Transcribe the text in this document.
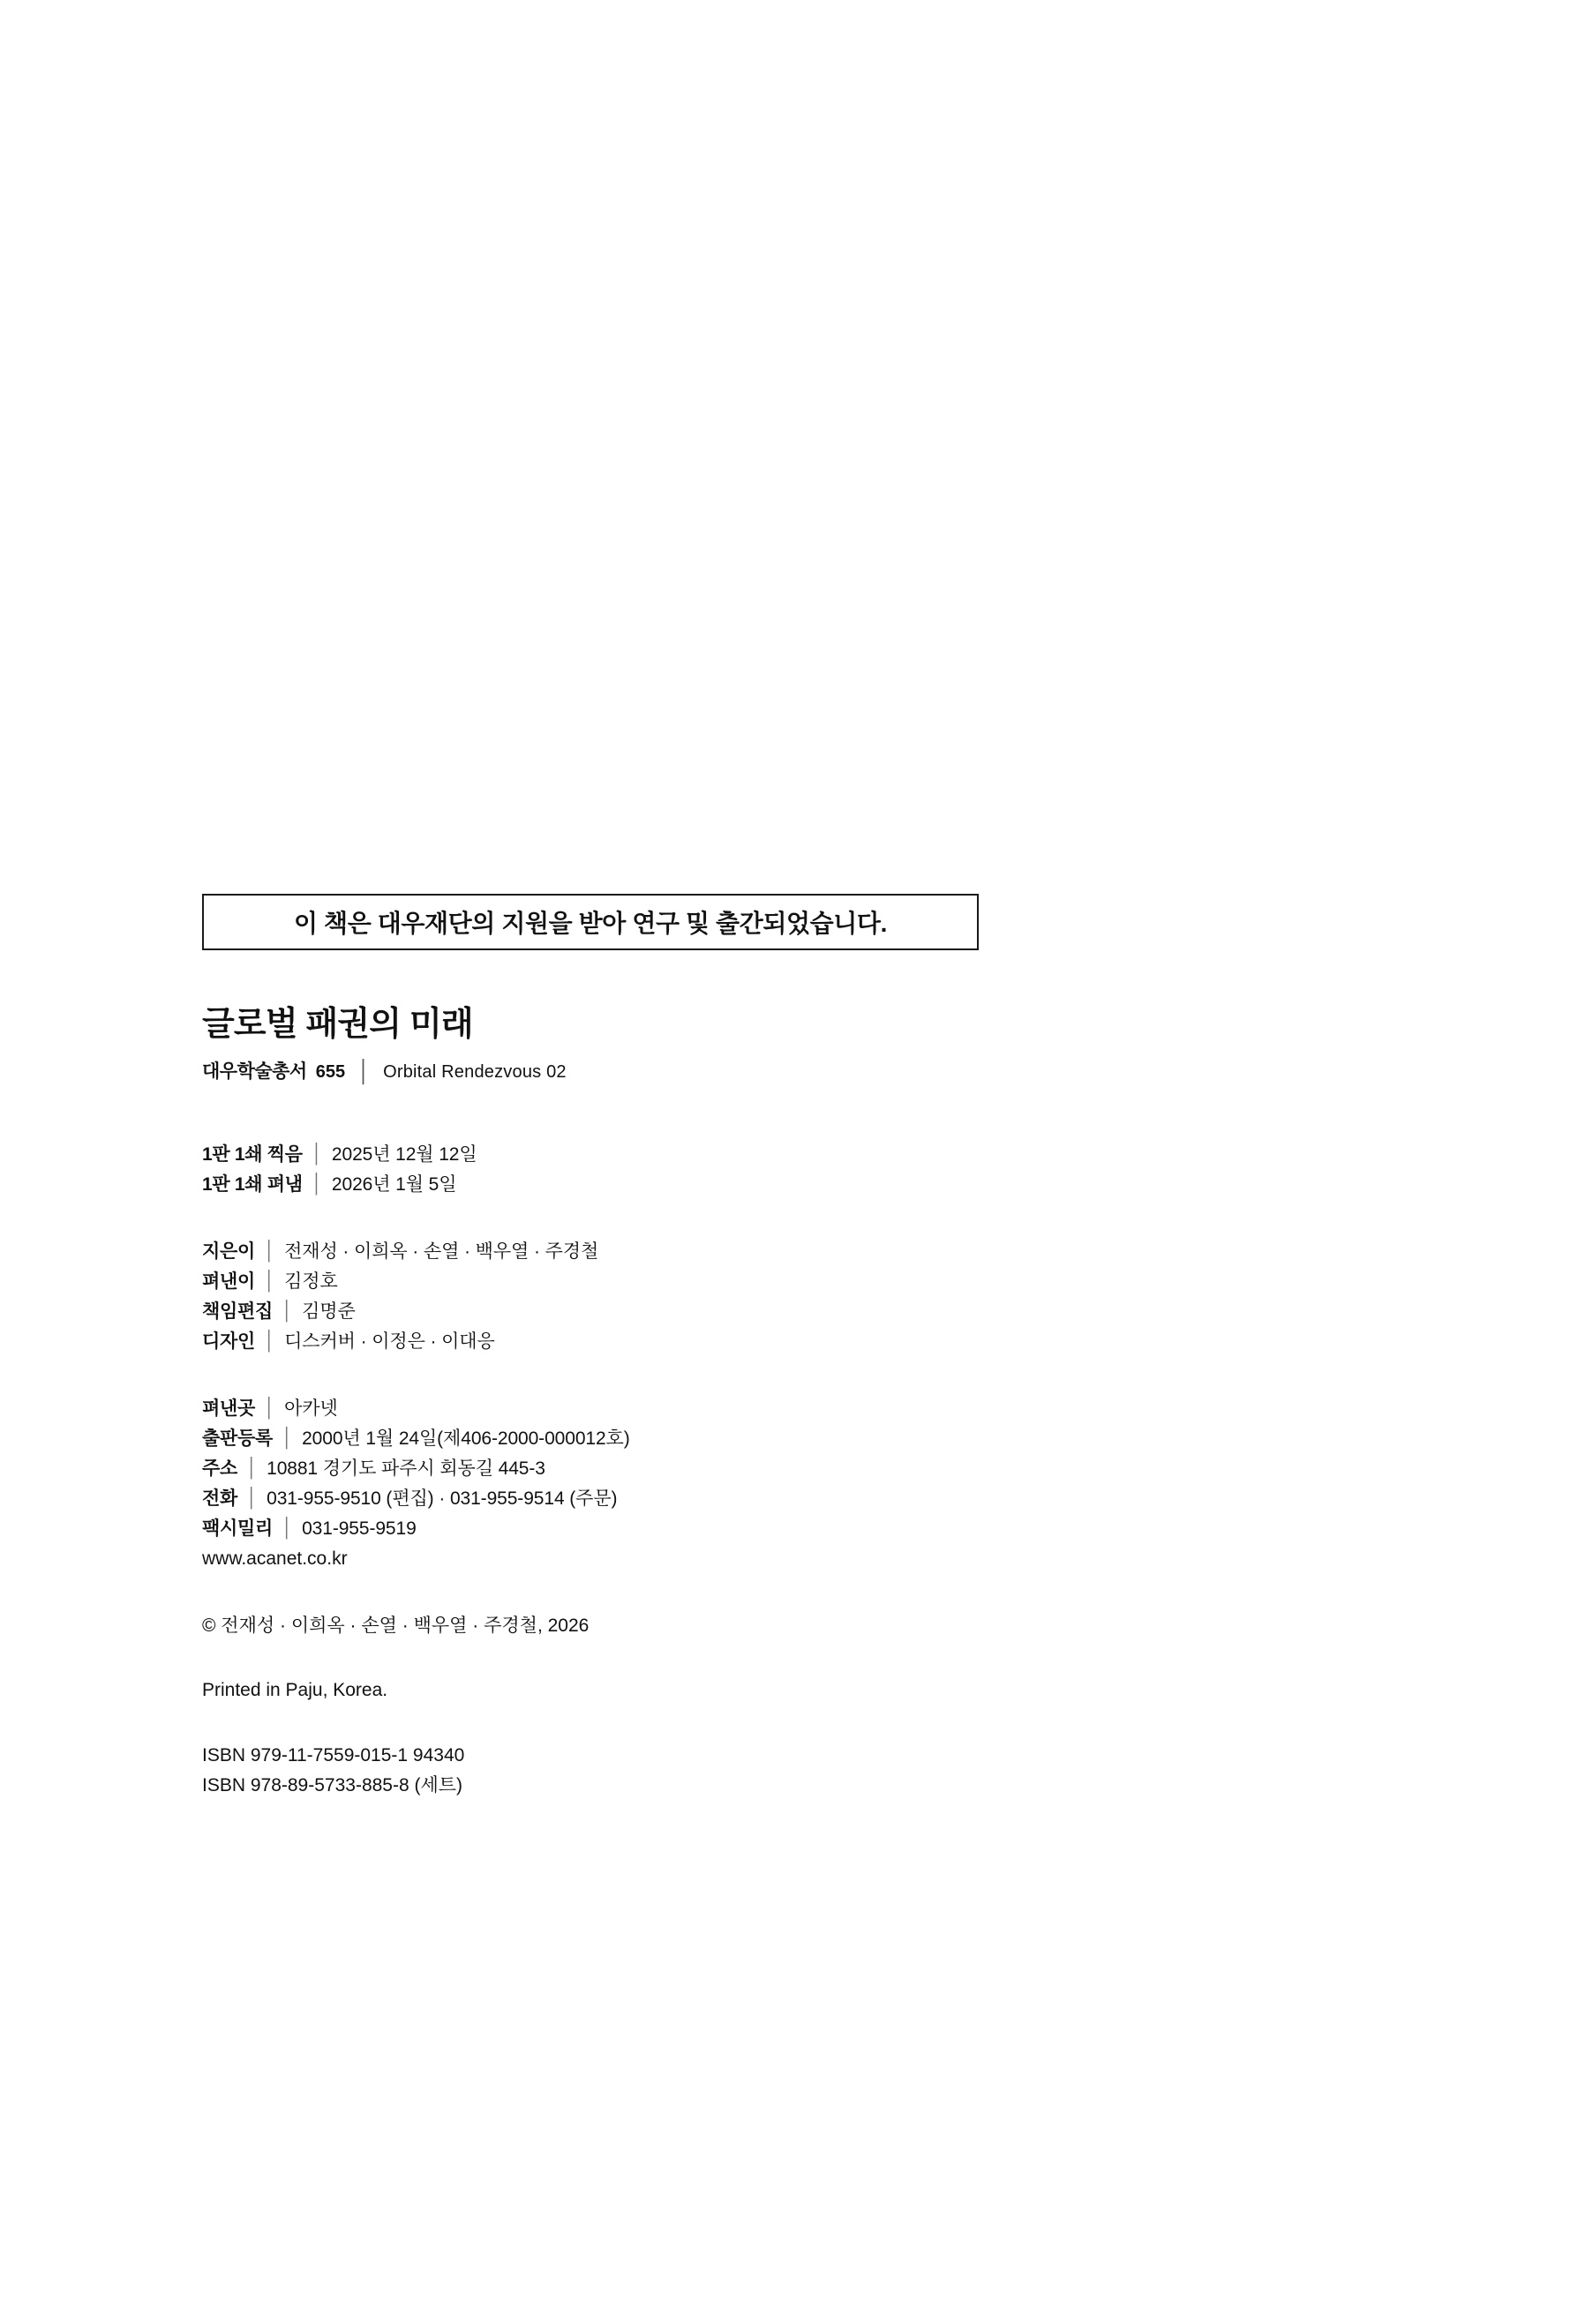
이 책은 대우재단의 지원을 받아 연구 및 출간되었습니다.
글로벌 패권의 미래
대우학술총서 655 │ Orbital Rendezvous 02
1판 1쇄 찍음 │ 2025년 12월 12일
1판 1쇄 펴냄 │ 2026년 1월 5일
지은이 │ 전재성 · 이희옥 · 손열 · 백우열 · 주경철
펴낸이 │ 김정호
책임편집 │ 김명준
디자인 │ 디스커버 · 이정은 · 이대응
펴낸곳 │ 아카넷
출판등록 │ 2000년 1월 24일(제406-2000-000012호)
주소 │ 10881 경기도 파주시 회동길 445-3
전화 │ 031-955-9510 (편집) · 031-955-9514 (주문)
팩시밀리 │ 031-955-9519
www.acanet.co.kr
© 전재성 · 이희옥 · 손열 · 백우열 · 주경철, 2026
Printed in Paju, Korea.
ISBN 979-11-7559-015-1 94340
ISBN 978-89-5733-885-8 (세트)
